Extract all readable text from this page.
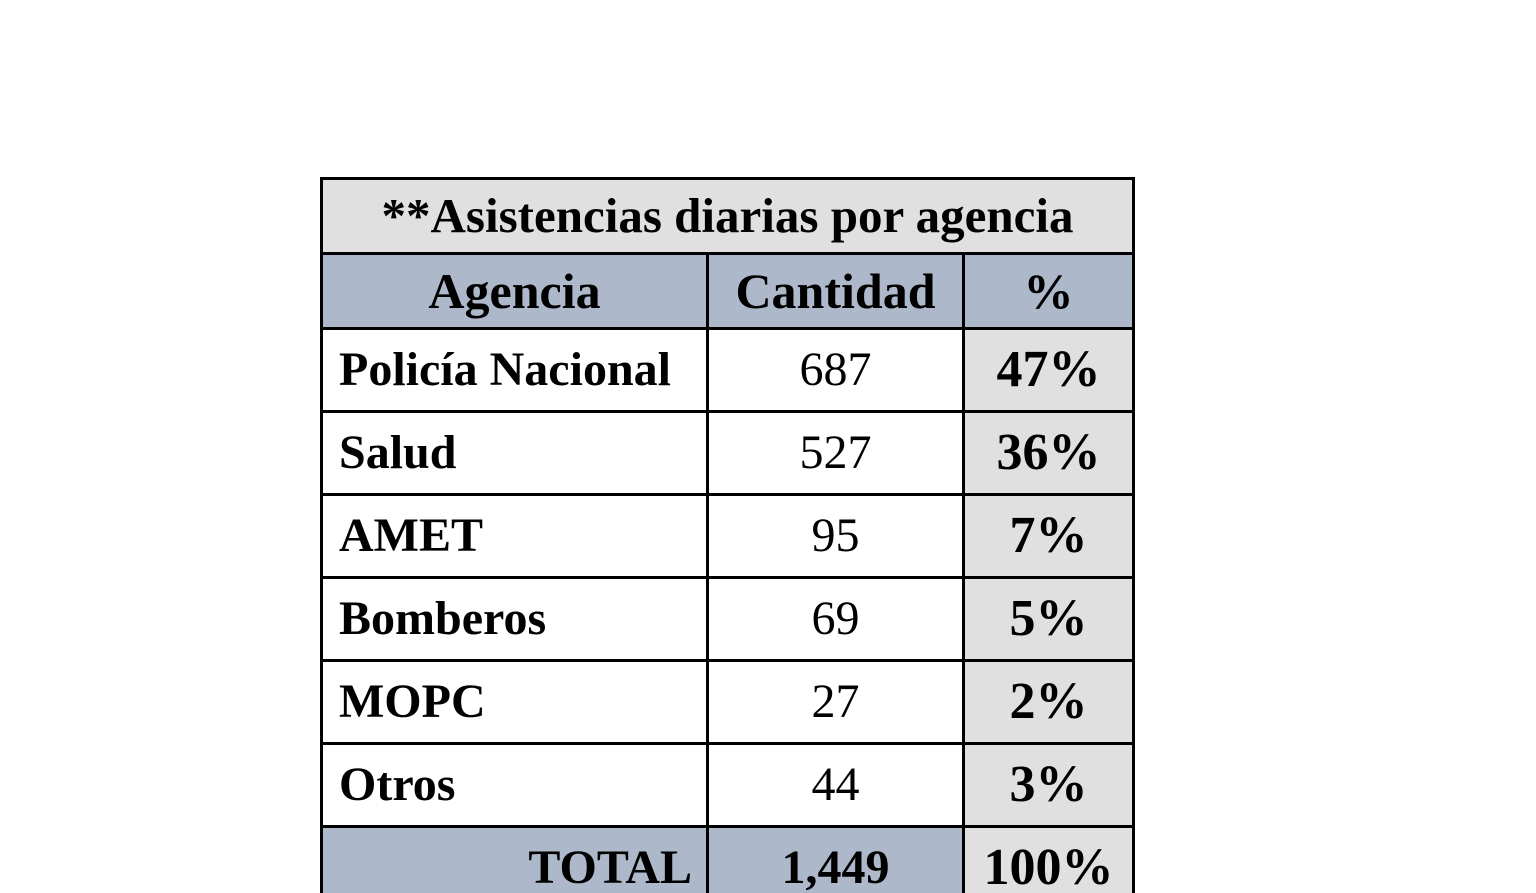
**Asistencias diarias por agencia		
Agencia	Cantidad	%
Policía Nacional	687	47%
Salud	527	36%
AMET	95	7%
Bomberos	69	5%
MOPC	27	2%
Otros	44	3%
TOTAL	1,449	100%
